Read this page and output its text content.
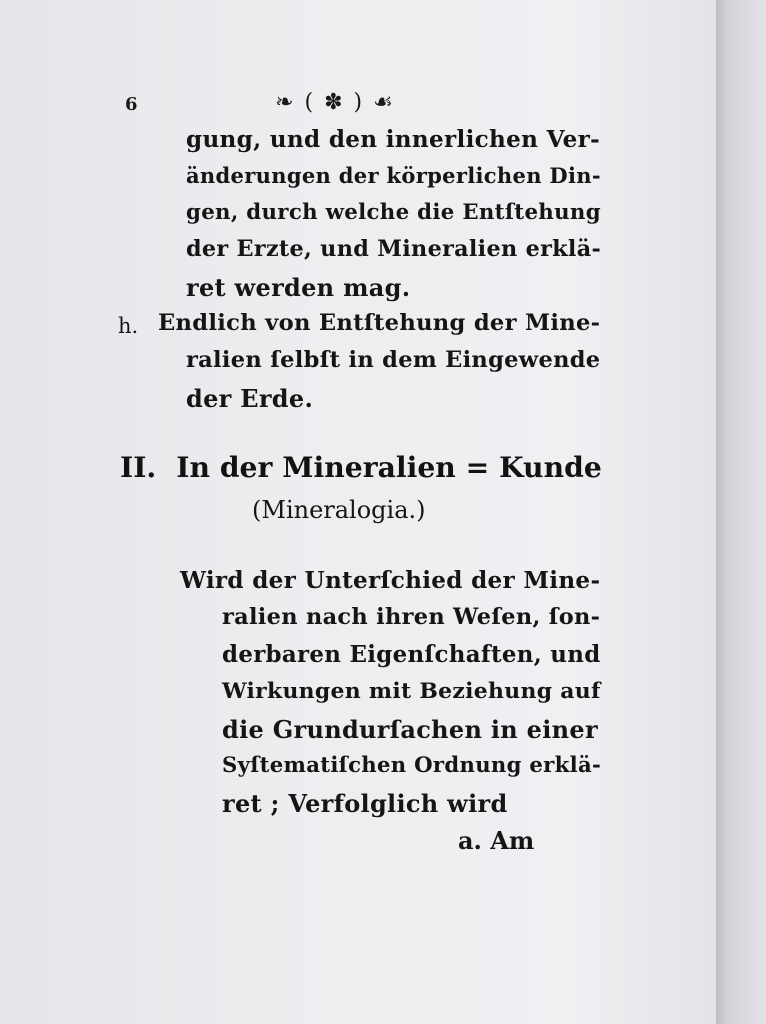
6	❧ ( ✽ ) ☙
gung, und den innerlichen Ver-
änderungen der körperlichen Din-
gen, durch welche die Entſtehung
der Erzte, und Mineralien erklä-
ret werden mag.
h. Endlich von Entſtehung der Mine-
ralien ſelbſt in dem Eingewende
der Erde.
II. In der Mineralien = Kunde
(Mineralogia.)
Wird der Unterſchied der Mine-
ralien nach ihren Weſen, ſon-
derbaren Eigenſchaften, und
Wirkungen mit Beziehung auf
die Grundurſachen in einer
Syſtematiſchen Ordnung erklä-
ret ; Verfolglich wird
a. Am
